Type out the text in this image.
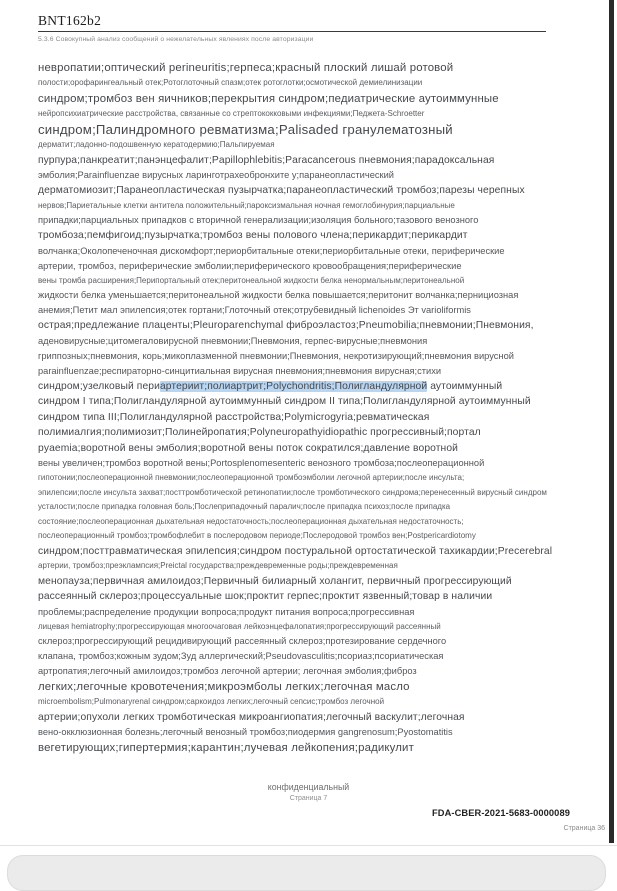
BNT162b2
5.3.6 Совокупный анализ сообщений о нежелательных явлениях после авторизации
невропатии;оптический perineuritis;герпеса;красный плоский лишай ротовой
полости;орофарингеальный отек;Ротоглоточный спазм;отек ротоглотки;осмотической демиелинизации
синдром;тромбоз вен яичников;перекрытия синдром;педиатрические аутоиммунные
нейропсихиатрические расстройства, связанные со стрептококковыми инфекциями;Педжета-Schroetter
синдром;Палиндромного ревматизма;Palisaded гранулематозный
дерматит;ладонно-подошвенную кератодермию;Пальпируемая
пурпура;панкреатит;панэнцефалит;Papillophlebitis;Paracancerous пневмония;парадоксальная
эмболия;Parainfluenzae вирусных ларинготрахеобронхите у;паранеопластический
дерматомиозит;Паранеопластическая пузырчатка;паранеопластический тромбоз;парезы черепных
нервов;Париетальные клетки антитела положительный;пароксизмальная ночная гемоглобинурия;парциальные
припадки;парциальных припадков с вторичной генерализации;изоляция больного;тазового венозного
тромбоза;пемфигоид;пузырчатка;тромбоз вены полового члена;перикардит;перикардит
волчанка;Околопеченочная дискомфорт;периорбитальные отеки;периорбитальные отеки, периферические
артерии, тромбоз, периферические эмболии;периферического кровообращения;периферические
вены тромба расширения;Перипортальный отек;перитонеальной жидкости белка ненормальным;перитонеальной
жидкости белка уменьшается;перитонеальной жидкости белка повышается;перитонит волчанка;пернициозная
анемия;Петит мал эпилепсия;отек гортани;Глоточный отек;отрубевидный lichenoides Эт varioliformis
острая;предлежание плаценты;Pleuroparenchymal фиброэластоз;Pneumobilia;пневмонии;Пневмония,
аденовирусные;цитомегаловирусной пневмонии;Пневмония, герпес-вирусные;пневмония
гриппозных;пневмония, корь;микоплазменной пневмонии;Пневмония, некротизирующий;пневмония вирусной
parainfluenzae;респираторно-синцитиальная вирусная пневмония;пневмония вирусная;стихи
синдром;узелковый периартериит;полиартрит;Polychondritis;Полигландулярной аутоиммунный
синдром I типа;Полигландулярной аутоиммунный синдром II типа;Полигландулярной аутоиммунный
синдром типа III;Полигландулярной расстройства;Polymicrogyria;ревматическая
полимиалгия;полимиозит;Полинейропатия;Polyneuropathyidiopathic прогрессивный;портал
pyaemia;воротной вены эмболия;воротной вены поток сократился;давление воротной
вены увеличен;тромбоз воротной вены;Portosplenomesenteric венозного тромбоза;послеоперационной
гипотонии;послеоперационной пневмонии;послеоперационной тромбоэмболии легочной артерии;после инсульта;
эпилепсии;после инсульта захват;посттромботической ретинопатии;после тромботического синдрома;перенесенный вирусный синдром
усталости;после припадка головная боль;Послеприпадочный паралич;после припадка психоз;после припадка
состояние;послеоперационная дыхательная недостаточность;послеоперационная дыхательная недостаточность;
послеоперационный тромбоз;тромбофлебит в послеродовом периоде;Послеродовой тромбоз вен;Postpericardiotomy
синдром;посттравматическая эпилепсия;синдром постуральной ортостатической тахикардии;Precerebral
артерии, тромбоз;преэклампсия;Preictal государства;преждевременные роды;преждевременная
менопауза;первичная амилоидоз;Первичный билиарный холангит, первичный прогрессирующий
рассеянный склероз;процессуальные шок;проктит герпес;проктит язвенный;товар в наличии
проблемы;распределение продукции вопроса;продукт питания вопроса;прогрессивная
лицевая hemiatrophy;прогрессирующая многоочаговая лейкоэнцефалопатия;прогрессирующий рассеянный
склероз;прогрессирующий рецидивирующий рассеянный склероз;протезирование сердечного
клапана, тромбоз;кожным зудом;Зуд аллергический;Pseudovasculitis;псориаз;псориатическая
артропатия;легочный амилоидоз;тромбоз легочной артерии; легочная эмболия;фиброз
легких;легочные кровотечения;микроэмболы легких;легочная масло
microembolism;Pulmonaryrenal синдром;саркоидоз легких;легочный сепсис;тромбоз легочной
артерии;опухоли легких тромботическая микроангиопатия;легочный васкулит;легочная
вено-окклюзионная болезнь;легочный венозный тромбоз;пиодермия gangrenosum;Pyostomatitis
вегетирующих;гипертермия;карантин;лучевая лейкопения;радикулит
конфиденциальный
Страница 7
FDA-CBER-2021-5683-0000089
Страница 36
